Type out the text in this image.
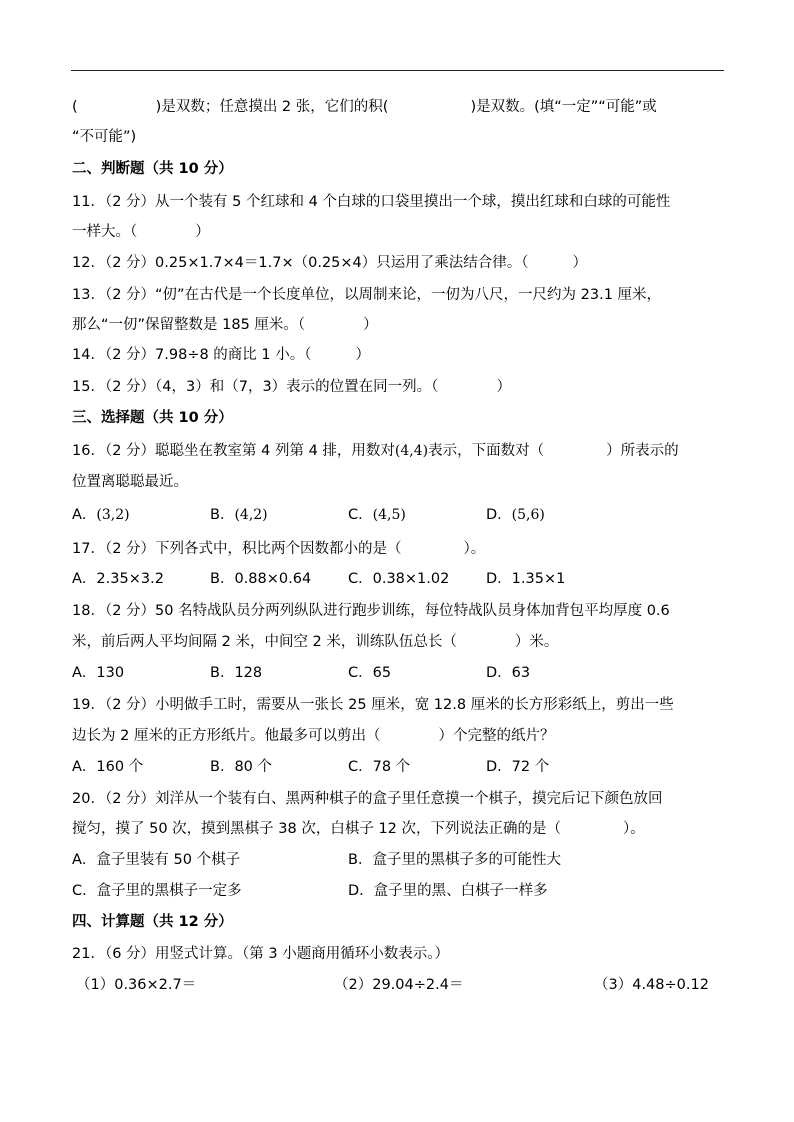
(	)是双数；任意摸出 2 张，它们的积(	)是双数。(填“一定”“可能”或
“不可能”)
二、判断题（共 10 分）
11．（2 分）从一个装有 5 个红球和 4 个白球的口袋里摸出一个球，摸出红球和白球的可能性
一样大。（	）
12．（2 分）0.25×1.7×4＝1.7×（0.25×4）只运用了乘法结合律。（	）
13．（2 分）“仞”在古代是一个长度单位，以周制来论，一仞为八尺，一尺约为 23.1 厘米，
那么“一仞”保留整数是 185 厘米。（	）
14．（2 分）7.98÷8 的商比 1 小。（	）
15．（2 分）（4，3）和（7，3）表示的位置在同一列。（	）
三、选择题（共 10 分）
16．（2 分）聪聪坐在教室第 4 列第 4 排，用数对(4,4)表示，下面数对（	）所表示的
位置离聪聪最近。
A．(3,2)	B．(4,2)	C．(4,5)	D．(5,6)
17．（2 分）下列各式中，积比两个因数都小的是（	）。
A．2.35×3.2	B．0.88×0.64	C．0.38×1.02	D．1.35×1
18．（2 分）50 名特战队员分两列纵队进行跑步训练，每位特战队员身体加背包平均厚度 0.6
米，前后两人平均间隔 2 米，中间空 2 米，训练队伍总长（	）米。
A．130	B．128	C．65	D．63
19．（2 分）小明做手工时，需要从一张长 25 厘米，宽 12.8 厘米的长方形彩纸上，剪出一些
边长为 2 厘米的正方形纸片。他最多可以剪出（	）个完整的纸片？
A．160 个	B．80 个	C．78 个	D．72 个
20．（2 分）刘洋从一个装有白、黑两种棋子的盒子里任意摸一个棋子，摸完后记下颜色放回
搅匀，摸了 50 次，摸到黑棋子 38 次，白棋子 12 次，下列说法正确的是（	）。
A．盒子里装有 50 个棋子	B．盒子里的黑棋子多的可能性大
C．盒子里的黑棋子一定多	D．盒子里的黑、白棋子一样多
四、计算题（共 12 分）
21．（6 分）用竖式计算。（第 3 小题商用循环小数表示。）
（1）0.36×2.7＝	（2）29.04÷2.4＝	（3）4.48÷0.12
